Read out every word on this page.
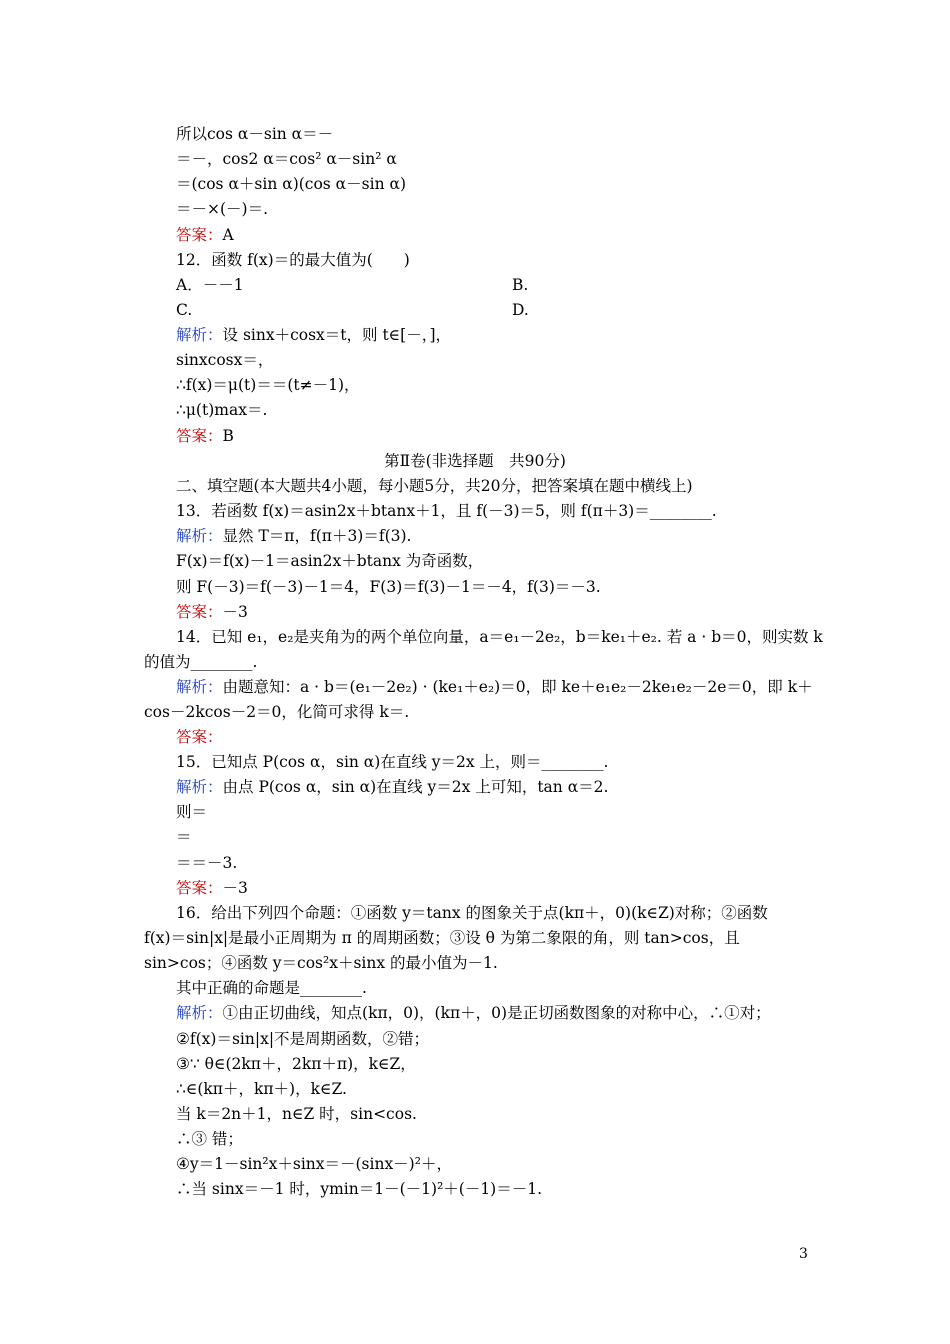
所以cos α－sin α＝－
＝－，cos2 α＝cos² α－sin² α
＝(cos α＋sin α)(cos α－sin α)
＝－×(－)＝.
答案：A
12．函数 f(x)＝的最大值为(　　)
A．－－1	B.
C.	D.
解析：设 sinx＋cosx＝t，则 t∈[－，]，
sinxcosx＝，
∴f(x)＝μ(t)＝＝(t≠－1)，
∴μ(t)max＝.
答案：B
第Ⅱ卷(非选择题　共90分)
二、填空题(本大题共4小题，每小题5分，共20分，把答案填在题中横线上)
13．若函数 f(x)＝asin2x＋btanx＋1，且 f(－3)＝5，则 f(π＋3)＝________.
解析：显然 T＝π，f(π＋3)＝f(3).
F(x)＝f(x)－1＝asin2x＋btanx 为奇函数，
则 F(－3)＝f(－3)－1＝4，F(3)＝f(3)－1＝－4，f(3)＝－3.
答案：－3
14．已知 e₁，e₂是夹角为的两个单位向量，a＝e₁－2e₂，b＝ke₁＋e₂. 若 a · b＝0，则实数 k
的值为________.
解析：由题意知：a · b＝(e₁－2e₂) · (ke₁＋e₂)＝0，即 ke＋e₁e₂－2ke₁e₂－2e＝0，即 k＋
cos－2kcos－2＝0，化简可求得 k＝.
答案：
15．已知点 P(cos α，sin α)在直线 y＝2x 上，则＝________.
解析：由点 P(cos α，sin α)在直线 y＝2x 上可知，tan α＝2.
则＝
＝
＝＝－3.
答案：－3
16．给出下列四个命题：①函数 y＝tanx 的图象关于点(kπ＋，0)(k∈Z)对称；②函数
f(x)＝sin|x|是最小正周期为 π 的周期函数；③设 θ 为第二象限的角，则 tan>cos，且
sin>cos；④函数 y＝cos²x＋sinx 的最小值为－1.
其中正确的命题是________.
解析：①由正切曲线，知点(kπ，0)，(kπ＋，0)是正切函数图象的对称中心，∴①对；
②f(x)＝sin|x|不是周期函数，②错；
③∵ θ∈(2kπ＋，2kπ＋π)，k∈Z，
∴∈(kπ＋，kπ＋)，k∈Z.
当 k＝2n＋1，n∈Z 时，sin<cos.
∴③ 错；
④y＝1－sin²x＋sinx＝－(sinx－)²＋，
∴当 sinx＝－1 时，ymin＝1－(－1)²＋(－1)＝－1.
3
